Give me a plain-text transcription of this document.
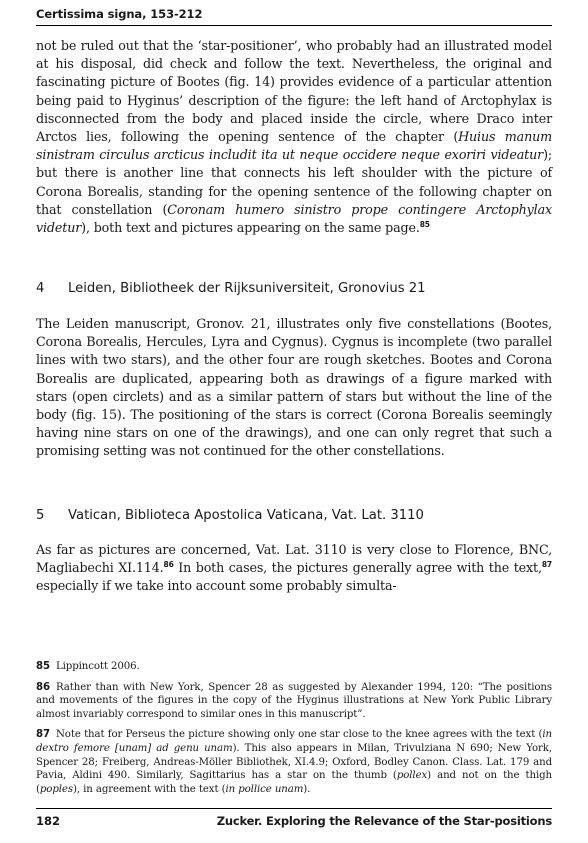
Certissima signa, 153-212

not be ruled out that the ‘star-positioner’, who probably had an illustrated model at his disposal, did check and follow the text. Nevertheless, the original and fascinating picture of Bootes (fig. 14) provides evidence of a particular attention being paid to Hyginus’ description of the figure: the left hand of Arctophylax is disconnected from the body and placed inside the circle, where Draco inter Arctos lies, following the opening sentence of the chapter (Huius manum sinistram circulus arcticus includit ita ut neque occidere neque exoriri videatur); but there is another line that connects his left shoulder with the picture of Corona Borealis, standing for the opening sentence of the following chapter on that constellation (Coronam humero sinistro prope contingere Arctophylax videtur), both text and pictures appearing on the same page.$^{85}$

4	Leiden, Bibliotheek der Rijksuniversiteit, Gronovius 21

The Leiden manuscript, Gronov. 21, illustrates only five constellations (Bootes, Corona Borealis, Hercules, Lyra and Cygnus). Cygnus is incomplete (two parallel lines with two stars), and the other four are rough sketches. Bootes and Corona Borealis are duplicated, appearing both as drawings of a figure marked with stars (open circlets) and as a similar pattern of stars but without the line of the body (fig. 15). The positioning of the stars is correct (Corona Borealis seemingly having nine stars on one of the drawings), and one can only regret that such a promising setting was not continued for the other constellations.

5	Vatican, Biblioteca Apostolica Vaticana, Vat. Lat. 3110

As far as pictures are concerned, Vat. Lat. 3110 is very close to Florence, BNC, Magliabechi XI.114.86 In both cases, the pictures generally agree with the text,$^{87}$ especially if we take into account some probably simulta-

85 Lippincott 2006.

86 Rather than with New York, Spencer 28 as suggested by Alexander 1994, 120: “The positions and movements of the figures in the copy of the Hyginus illustrations at New York Public Library almost invariably correspond to similar ones in this manuscript”.

87 Note that for Perseus the picture showing only one star close to the knee agrees with the text (in dextro femore [unam] ad genu unam). This also appears in Milan, Trivulziana N 690; New York, Spencer 28; Freiberg, Andreas-Möller Bibliothek, XI.4.9; Oxford, Bodley Canon. Class. Lat. 179 and Pavia, Aldini 490. Similarly, Sagittarius has a star on the thumb (pollex) and not on the thigh (poples), in agreement with the text (in pollice unam).

182	Zucker. Exploring the Relevance of the Star-positions
